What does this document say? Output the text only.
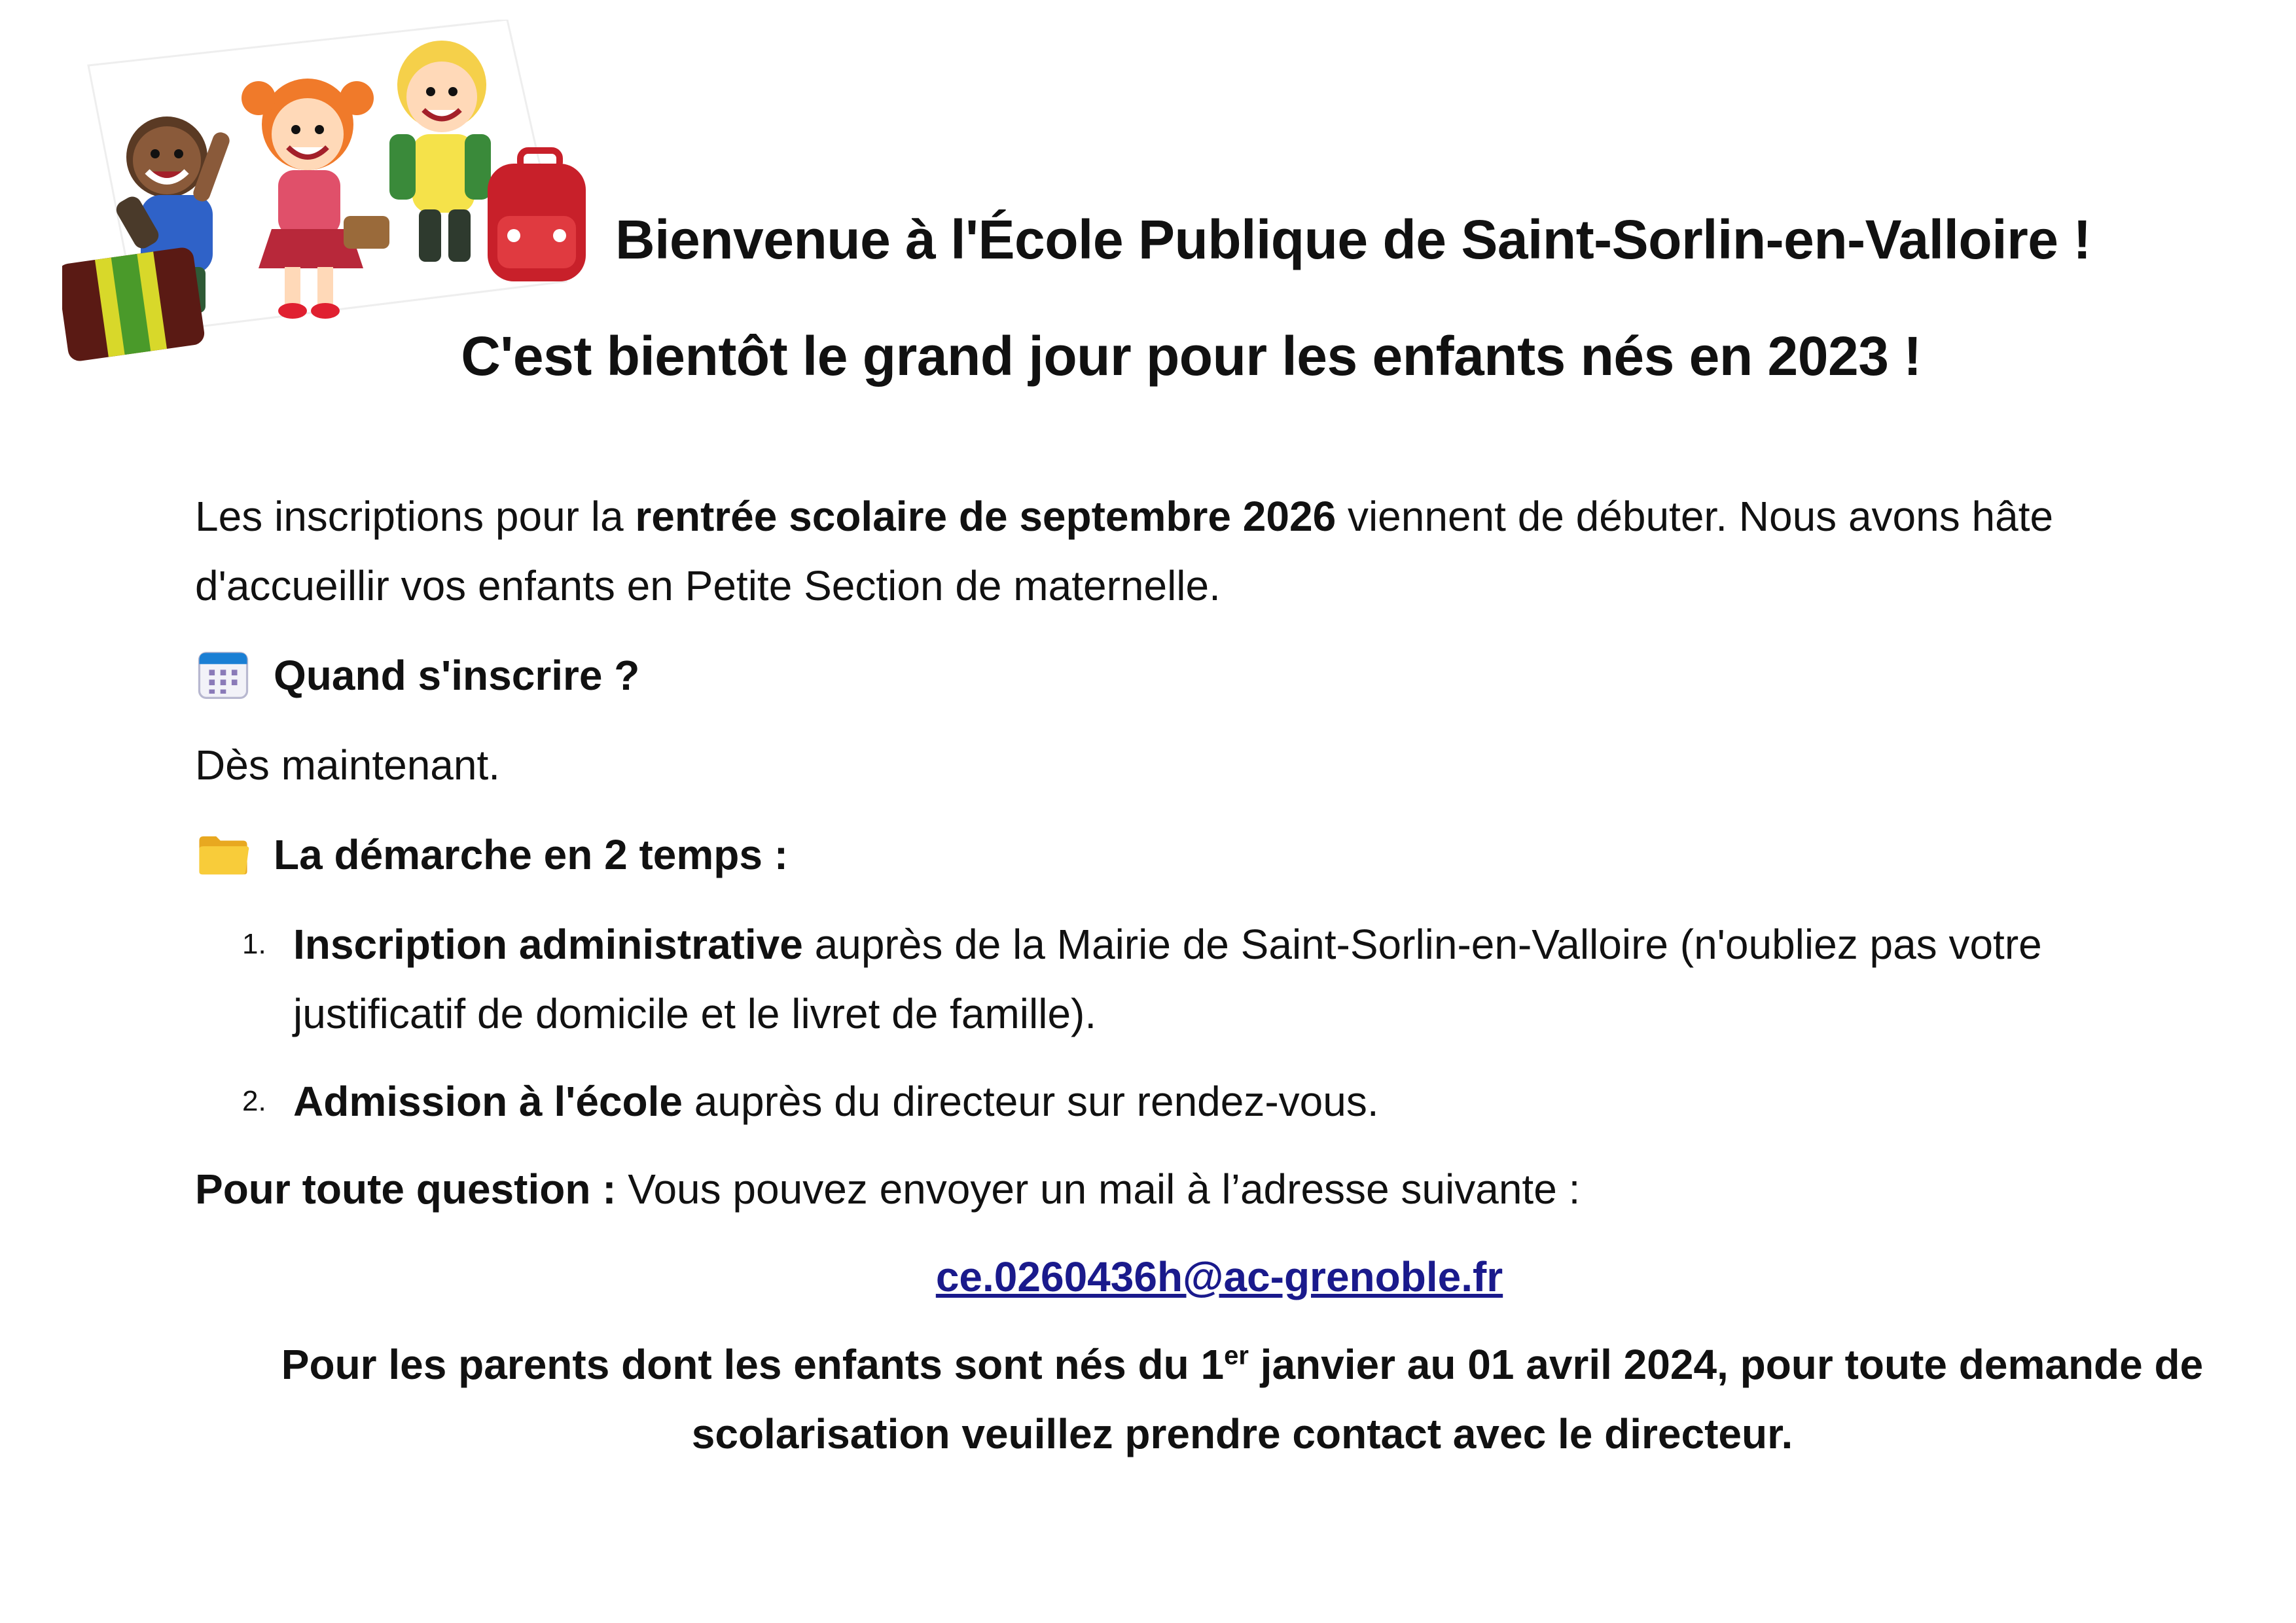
Bienvenue à l'École Publique de Saint-Sorlin-en-Valloire !
C'est bientôt le grand jour pour les enfants nés en 2023 !

Les inscriptions pour la rentrée scolaire de septembre 2026 viennent de débuter. Nous avons hâte d'accueillir vos enfants en Petite Section de maternelle.

Quand s'inscrire ?

Dès maintenant.

La démarche en 2 temps :
1. Inscription administrative auprès de la Mairie de Saint-Sorlin-en-Valloire (n'oubliez pas votre justificatif de domicile et le livret de famille).
2. Admission à l'école auprès du directeur sur rendez-vous.

Pour toute question : Vous pouvez envoyer un mail à l’adresse suivante :

ce.0260436h@ac-grenoble.fr

Pour les parents dont les enfants sont nés du 1er janvier au 01 avril 2024, pour toute demande de scolarisation veuillez prendre contact avec le directeur.
